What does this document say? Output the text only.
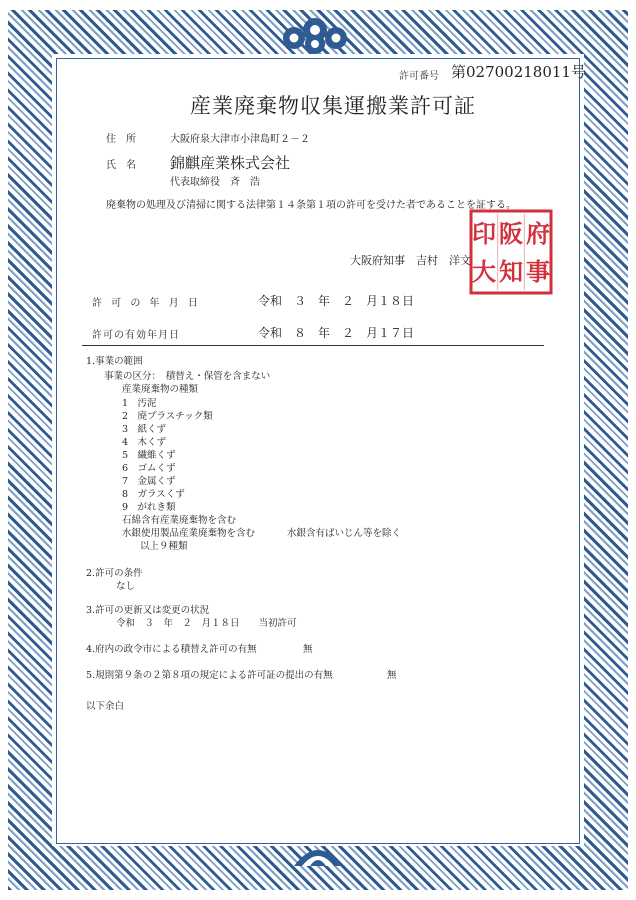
許可番号 第02700218011号
産業廃棄物収集運搬業許可証
住　所	大阪府泉大津市小津島町２－２
氏　名 錦麒産業株式会社
代表取締役　斉　浩
廃棄物の処理及び清掃に関する法律第１４条第１項の許可を受けた者であることを証する。
大阪府知事　吉村　洋文
府
阪
印
事
知
大
許 可 の 年 月 日	令和　３　年　２　月１８日
許可の有効年月日	令和　８　年　２　月１７日
1.事業の範囲
事業の区分：　積替え・保管を含まない
産業廃棄物の種類
1　汚泥
2　廃プラスチック類
3　紙くず
4　木くず
5　繊維くず
6　ゴムくず
7　金属くず
8　ガラスくず
9　がれき類
石綿含有産業廃棄物を含む
水銀使用製品産業廃棄物を含む	水銀含有ばいじん等を除く
以上９種類
2.許可の条件
なし
3.許可の更新又は変更の状況
令和　３　年　２　月１８日　　当初許可
4.府内の政令市による積替え許可の有無	無
5.規則第９条の２第８項の規定による許可証の提出の有無	無
以下余白
